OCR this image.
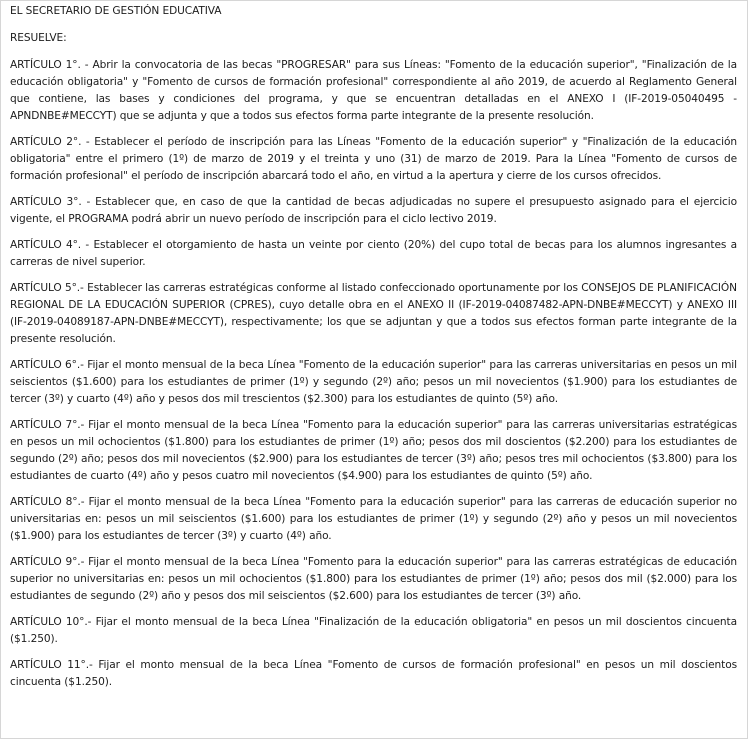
EL SECRETARIO DE GESTIÓN EDUCATIVA

RESUELVE:

ARTÍCULO 1°. - Abrir la convocatoria de las becas "PROGRESAR" para sus Líneas: "Fomento de la educación superior", "Finalización de la educación obligatoria" y "Fomento de cursos de formación profesional" correspondiente al año 2019, de acuerdo al Reglamento General que contiene, las bases y condiciones del programa, y que se encuentran detalladas en el ANEXO I (IF-2019-05040495 -APNDNBE#MECCYT) que se adjunta y que a todos sus efectos forma parte integrante de la presente resolución.

ARTÍCULO 2°. - Establecer el período de inscripción para las Líneas "Fomento de la educación superior" y "Finalización de la educación obligatoria" entre el primero (1º) de marzo de 2019 y el treinta y uno (31) de marzo de 2019. Para la Línea "Fomento de cursos de formación profesional" el período de inscripción abarcará todo el año, en virtud a la apertura y cierre de los cursos ofrecidos.

ARTÍCULO 3°. - Establecer que, en caso de que la cantidad de becas adjudicadas no supere el presupuesto asignado para el ejercicio vigente, el PROGRAMA podrá abrir un nuevo período de inscripción para el ciclo lectivo 2019.

ARTÍCULO 4°. - Establecer el otorgamiento de hasta un veinte por ciento (20%) del cupo total de becas para los alumnos ingresantes a carreras de nivel superior.

ARTÍCULO 5°.- Establecer las carreras estratégicas conforme al listado confeccionado oportunamente por los CONSEJOS DE PLANIFICACIÓN REGIONAL DE LA EDUCACIÓN SUPERIOR (CPRES), cuyo detalle obra en el ANEXO II (IF-2019-04087482-APN-DNBE#MECCYT) y ANEXO III (IF-2019-04089187-APN-DNBE#MECCYT), respectivamente; los que se adjuntan y que a todos sus efectos forman parte integrante de la presente resolución.

ARTÍCULO 6°.- Fijar el monto mensual de la beca Línea "Fomento de la educación superior" para las carreras universitarias en pesos un mil seiscientos ($1.600) para los estudiantes de primer (1º) y segundo (2º) año; pesos un mil novecientos ($1.900) para los estudiantes de tercer (3º) y cuarto (4º) año y pesos dos mil trescientos ($2.300) para los estudiantes de quinto (5º) año.

ARTÍCULO 7°.- Fijar el monto mensual de la beca Línea "Fomento para la educación superior" para las carreras universitarias estratégicas en pesos un mil ochocientos ($1.800) para los estudiantes de primer (1º) año; pesos dos mil doscientos ($2.200) para los estudiantes de segundo (2º) año; pesos dos mil novecientos ($2.900) para los estudiantes de tercer (3º) año; pesos tres mil ochocientos ($3.800) para los estudiantes de cuarto (4º) año y pesos cuatro mil novecientos ($4.900) para los estudiantes de quinto (5º) año.

ARTÍCULO 8°.- Fijar el monto mensual de la beca Línea "Fomento para la educación superior" para las carreras de educación superior no universitarias en: pesos un mil seiscientos ($1.600) para los estudiantes de primer (1º) y segundo (2º) año y pesos un mil novecientos ($1.900) para los estudiantes de tercer (3º) y cuarto (4º) año.

ARTÍCULO 9°.- Fijar el monto mensual de la beca Línea "Fomento para la educación superior" para las carreras estratégicas de educación superior no universitarias en: pesos un mil ochocientos ($1.800) para los estudiantes de primer (1º) año; pesos dos mil ($2.000) para los estudiantes de segundo (2º) año y pesos dos mil seiscientos ($2.600) para los estudiantes de tercer (3º) año.

ARTÍCULO 10°.- Fijar el monto mensual de la beca Línea "Finalización de la educación obligatoria" en pesos un mil doscientos cincuenta ($1.250).

ARTÍCULO 11°.- Fijar el monto mensual de la beca Línea "Fomento de cursos de formación profesional" en pesos un mil doscientos cincuenta ($1.250).
